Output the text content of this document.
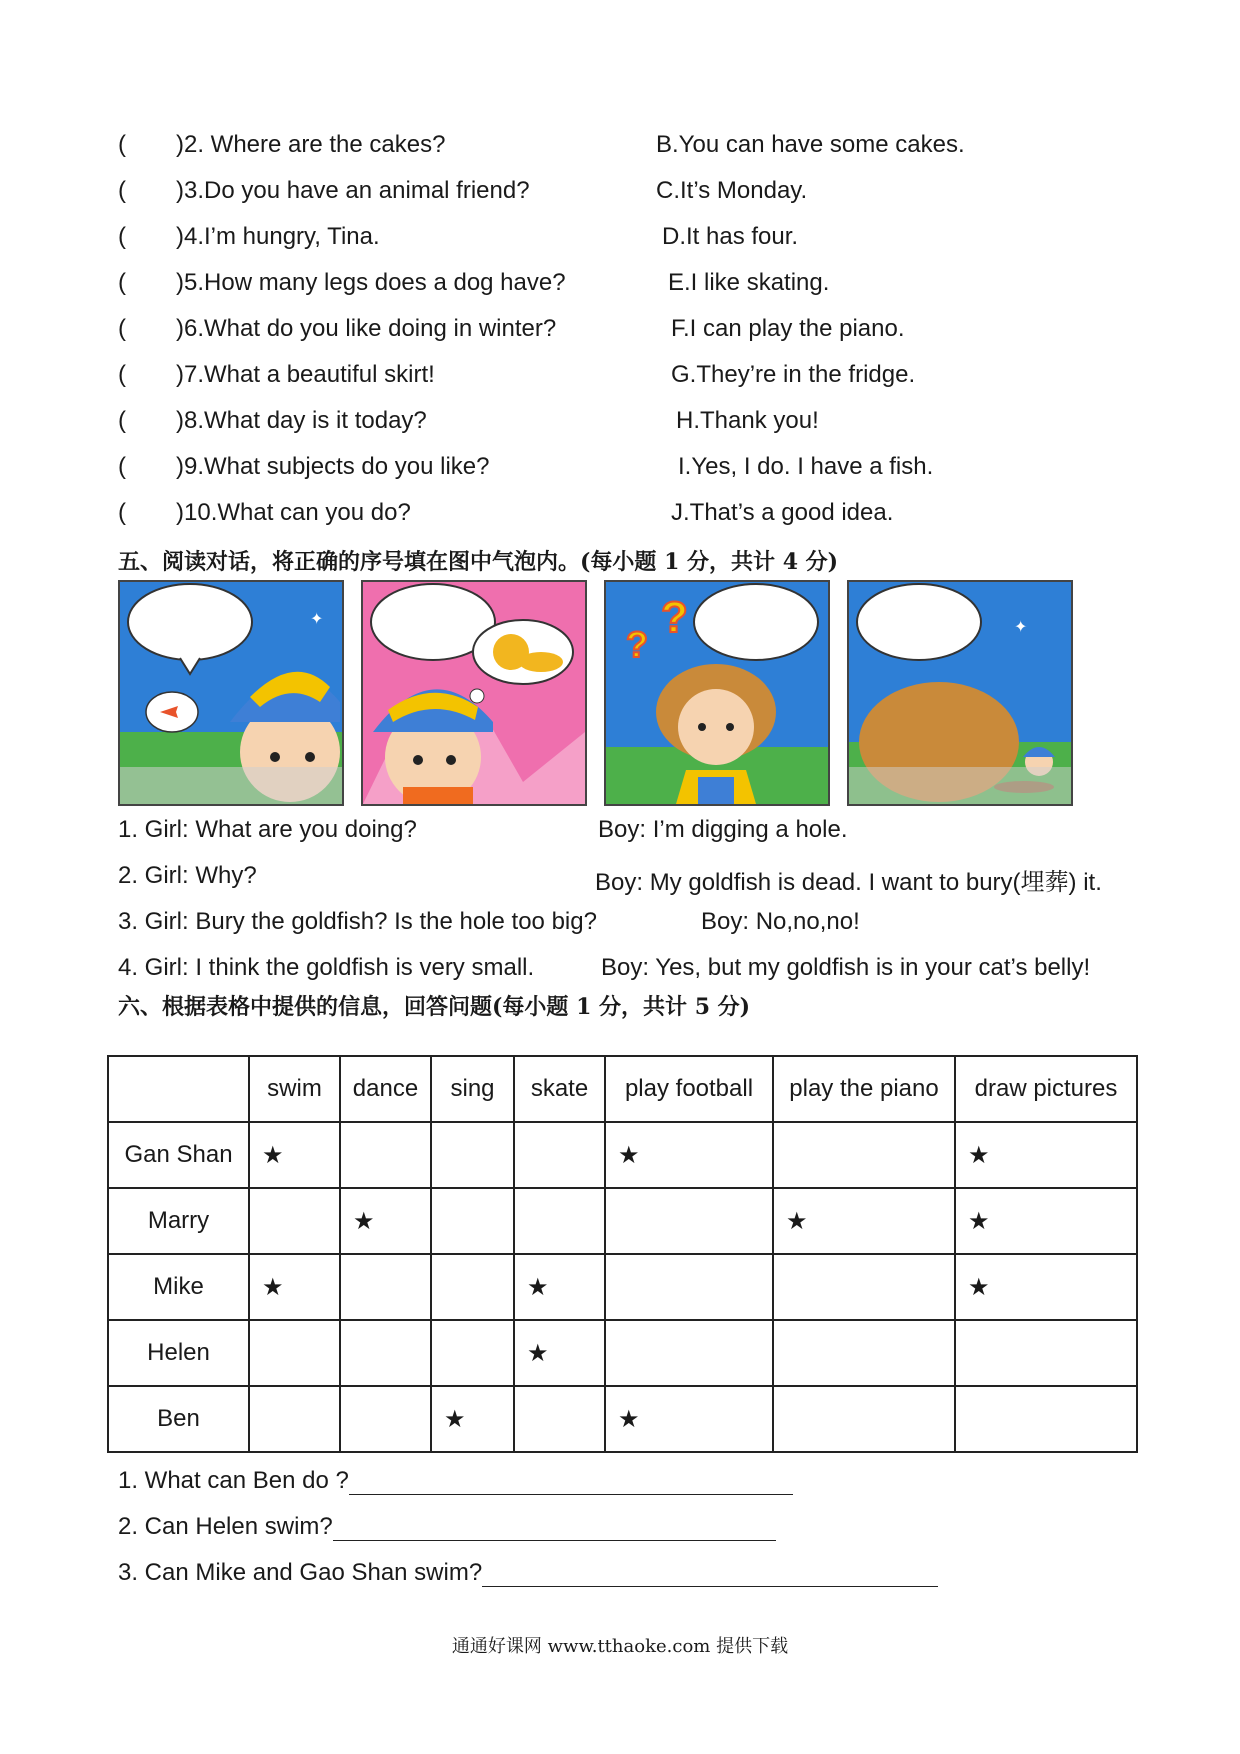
( )2. Where are the cakes?	B.You can have some cakes.
( )3.Do you have an animal friend?	C.It’s Monday.
( )4.I’m hungry, Tina.	D.It has four.
( )5.How many legs does a dog have?	E.I like skating.
( )6.What do you like doing in winter?	F.I can play the piano.
( )7.What a beautiful skirt!	G.They’re in the fridge.
( )8.What day is it today?	H.Thank you!
( )9.What subjects do you like?	I.Yes, I do. I have a fish.
( )10.What can you do?	J.That’s a good idea.
五、阅读对话，将正确的序号填在图中气泡内。(每小题 1 分，共计 4 分)
✦
?
?	✦
1. Girl: What are you doing?	Boy: I’m digging a hole.
2. Girl: Why?	Boy: My goldfish is dead. I want to bury(埋葬) it.
3. Girl: Bury the goldfish? Is the hole too big?	Boy: No,no,no!
4. Girl: I think the goldfish is very small.	Boy: Yes, but my goldfish is in your cat’s belly!
六、根据表格中提供的信息，回答问题(每小题 1 分，共计 5 分)
	swim	dance	sing	skate	play football	play the piano	draw pictures
Gan Shan	★				★		★
Marry		★				★	★
Mike	★			★			★
Helen				★			
Ben			★		★		
1. What can Ben do ?
2. Can Helen swim?
3. Can Mike and Gao Shan swim?
通通好课网 www.tthaoke.com 提供下载
